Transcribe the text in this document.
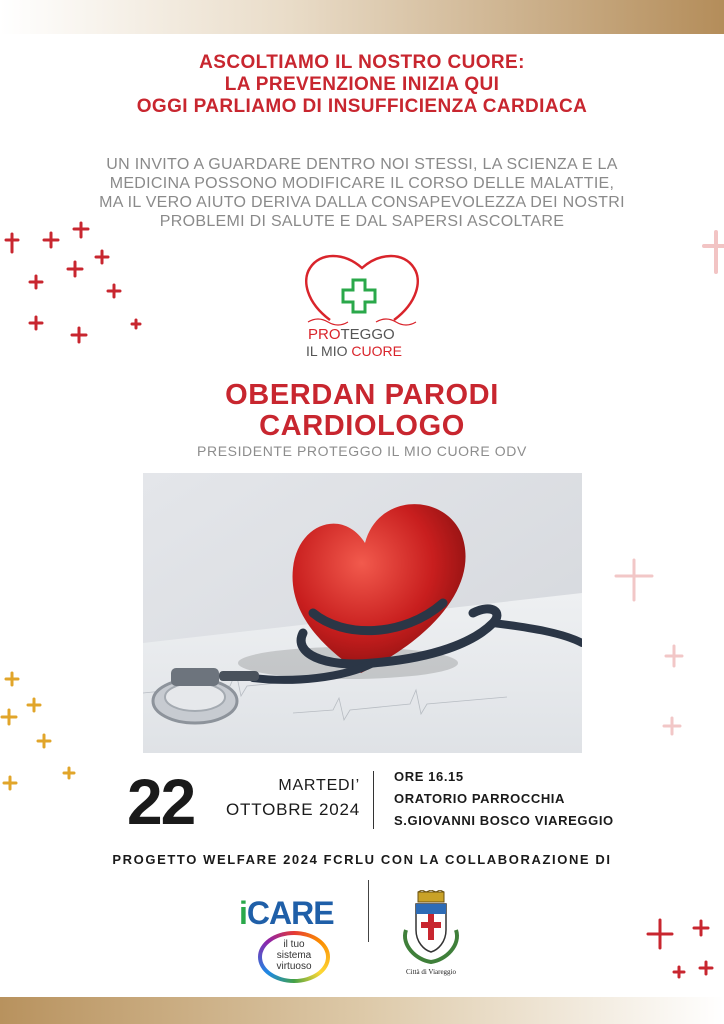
ASCOLTIAMO IL NOSTRO CUORE:
LA PREVENZIONE INIZIA QUI
OGGI PARLIAMO DI INSUFFICIENZA CARDIACA
UN INVITO A GUARDARE DENTRO NOI STESSI, LA SCIENZA E LA
MEDICINA POSSONO MODIFICARE IL CORSO DELLE MALATTIE,
MA IL VERO AIUTO DERIVA DALLA CONSAPEVOLEZZA DEI NOSTRI
PROBLEMI DI SALUTE E DAL SAPERSI ASCOLTARE
PROTEGGO
IL MIO CUORE
OBERDAN PARODI
CARDIOLOGO
PRESIDENTE PROTEGGO IL MIO CUORE ODV
22	MARTEDI’
OTTOBRE 2024
ORE 16.15
ORATORIO PARROCCHIA
S.GIOVANNI BOSCO VIAREGGIO
PROGETTO WELFARE 2024 FCRLU CON LA COLLABORAZIONE DI
iCARE
il tuo
sistema
virtuoso	Città di Viareggio
